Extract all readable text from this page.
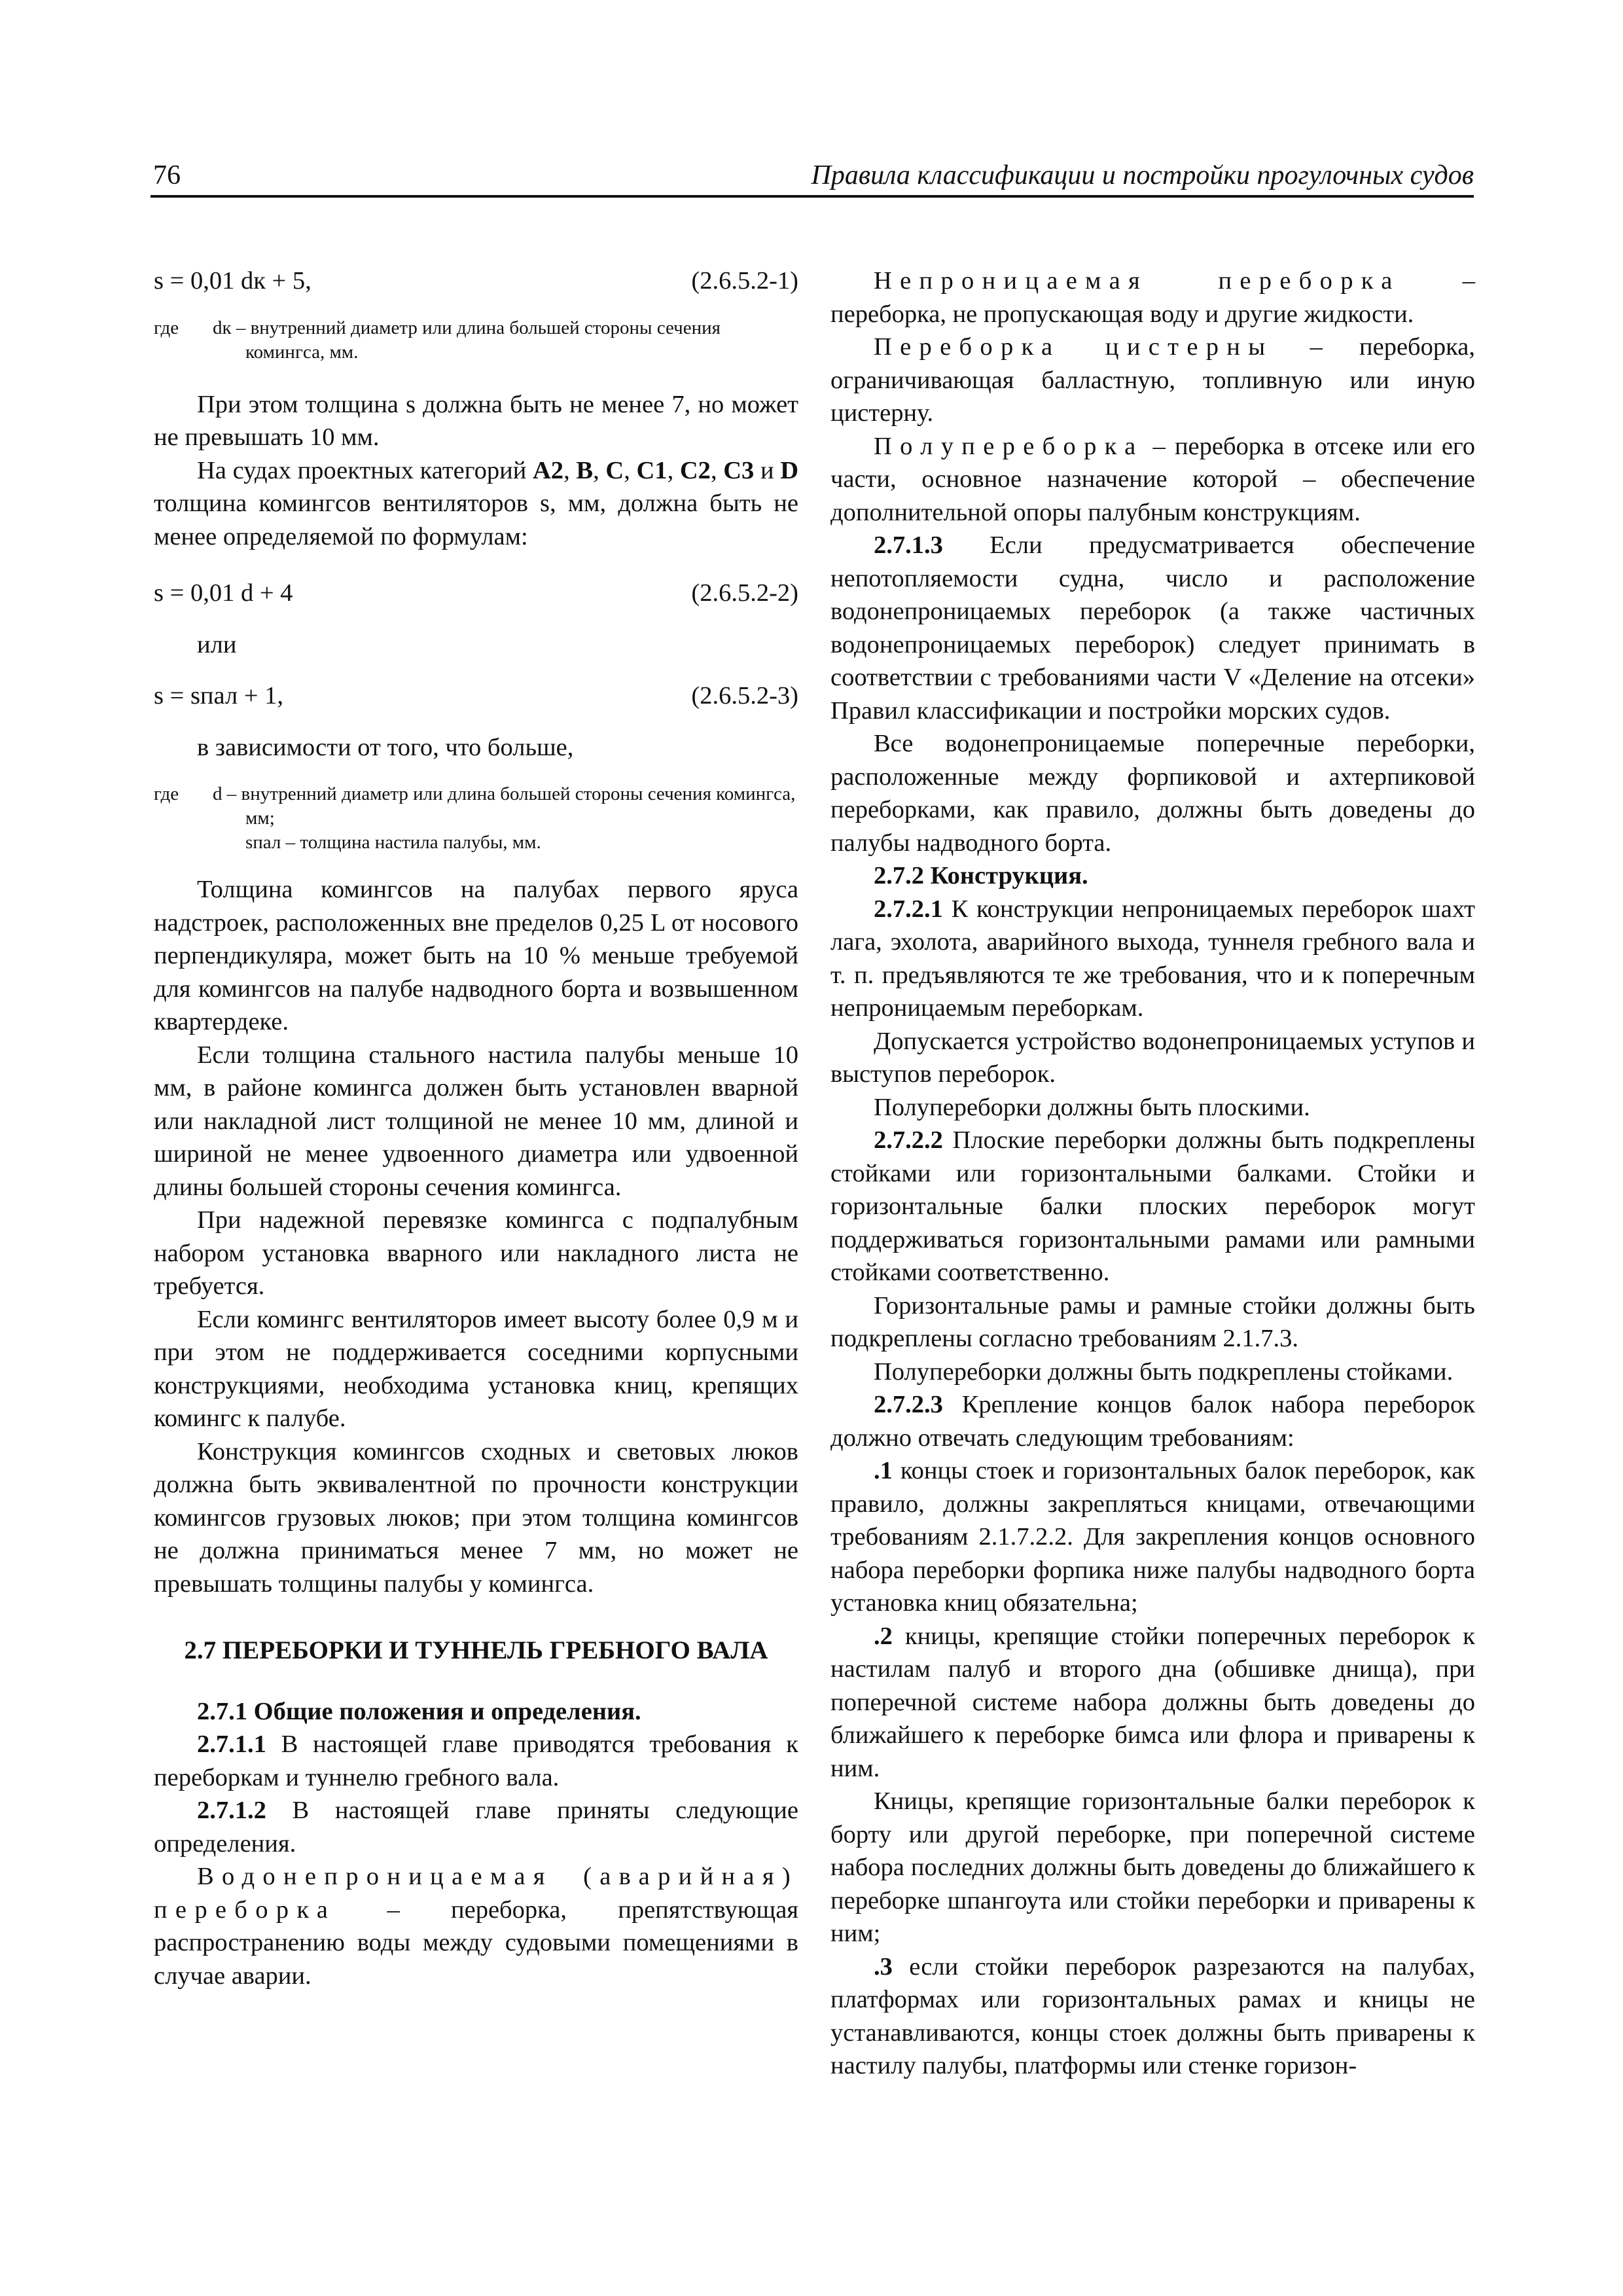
76	Правила классификации и постройки прогулочных судов
s = 0,01 dк + 5,	(2.6.5.2-1)

где dк – внутренний диаметр или длина большей стороны сечения комингса, мм.

При этом толщина s должна быть не менее 7, но может не превышать 10 мм.

На судах проектных категорий A2, B, C, C1, C2, C3 и D толщина комингсов вентиляторов s, мм, должна быть не менее определяемой по формулам:

s = 0,01 d + 4	(2.6.5.2-2)

или

s = sпал + 1,	(2.6.5.2-3)

в зависимости от того, что больше,

где d – внутренний диаметр или длина большей стороны сечения комингса, мм;

sпал – толщина настила палубы, мм.

Толщина комингсов на палубах первого яруса надстроек, расположенных вне пределов 0,25 L от носового перпендикуляра, может быть на 10 % меньше требуемой для комингсов на палубе надводного борта и возвышенном квартердеке.

Если толщина стального настила палубы меньше 10 мм, в районе комингса должен быть установлен вварной или накладной лист толщиной не менее 10 мм, длиной и шириной не менее удвоенного диаметра или удвоенной длины большей стороны сечения комингса.

При надежной перевязке комингса с подпалубным набором установка вварного или накладного листа не требуется.

Если комингс вентиляторов имеет высоту более 0,9 м и при этом не поддерживается соседними корпусными конструкциями, необходима установка книц, крепящих комингс к палубе.

Конструкция комингсов сходных и световых люков должна быть эквивалентной по прочности конструкции комингсов грузовых люков; при этом толщина комингсов не должна приниматься менее 7 мм, но может не превышать толщины палубы у комингса.

2.7 ПЕРЕБОРКИ И ТУННЕЛЬ ГРЕБНОГО ВАЛА

2.7.1 Общие положения и определения.

2.7.1.1 В настоящей главе приводятся требования к переборкам и туннелю гребного вала.

2.7.1.2 В настоящей главе приняты следующие определения.

Водонепроницаемая (аварийная) переборка – переборка, препятствующая распространению воды между судовыми помещениями в случае аварии.

Непроницаемая переборка – переборка, не пропускающая воду и другие жидкости.

Переборка цистерны – переборка, ограничивающая балластную, топливную или иную цистерну.

Полупереборка – переборка в отсеке или его части, основное назначение которой – обеспечение дополнительной опоры палубным конструкциям.

2.7.1.3 Если предусматривается обеспечение непотопляемости судна, число и расположение водонепроницаемых переборок (а также частичных водонепроницаемых переборок) следует принимать в соответствии с требованиями части V «Деление на отсеки» Правил классификации и постройки морских судов.

Все водонепроницаемые поперечные переборки, расположенные между форпиковой и ахтерпиковой переборками, как правило, должны быть доведены до палубы надводного борта.

2.7.2 Конструкция.

2.7.2.1 К конструкции непроницаемых переборок шахт лага, эхолота, аварийного выхода, туннеля гребного вала и т. п. предъявляются те же требования, что и к поперечным непроницаемым переборкам.

Допускается устройство водонепроницаемых уступов и выступов переборок.

Полупереборки должны быть плоскими.

2.7.2.2 Плоские переборки должны быть подкреплены стойками или горизонтальными балками. Стойки и горизонтальные балки плоских переборок могут поддерживаться горизонтальными рамами или рамными стойками соответственно.

Горизонтальные рамы и рамные стойки должны быть подкреплены согласно требованиям 2.1.7.3.

Полупереборки должны быть подкреплены стойками.

2.7.2.3 Крепление концов балок набора переборок должно отвечать следующим требованиям:

.1 концы стоек и горизонтальных балок переборок, как правило, должны закрепляться кницами, отвечающими требованиям 2.1.7.2.2. Для закрепления концов основного набора переборки форпика ниже палубы надводного борта установка книц обязательна;

.2 кницы, крепящие стойки поперечных переборок к настилам палуб и второго дна (обшивке днища), при поперечной системе набора должны быть доведены до ближайшего к переборке бимса или флора и приварены к ним.

Кницы, крепящие горизонтальные балки переборок к борту или другой переборке, при поперечной системе набора последних должны быть доведены до ближайшего к переборке шпангоута или стойки переборки и приварены к ним;

.3 если стойки переборок разрезаются на палубах, платформах или горизонтальных рамах и кницы не устанавливаются, концы стоек должны быть приварены к настилу палубы, платформы или стенке горизон-
